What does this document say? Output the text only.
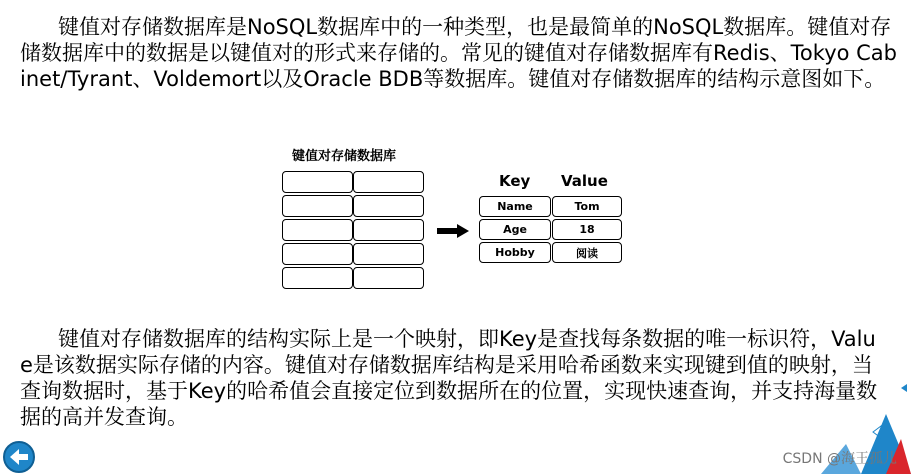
键值对存储数据库是NoSQL数据库中的一种类型，也是最简单的NoSQL数据库。键值对存储数据库中的数据是以键值对的形式来存储的。常见的键值对存储数据库有Redis、Tokyo Cabinet/Tyrant、Voldemort以及Oracle BDB等数据库。键值对存储数据库的结构示意图如下。

键值对存储数据库
Key Value
Name	Tom
Age	18
Hobby	阅读

键值对存储数据库的结构实际上是一个映射，即Key是查找每条数据的唯一标识符，Value是该数据实际存储的内容。键值对存储数据库结构是采用哈希函数来实现键到值的映射，当查询数据时，基于Key的哈希值会直接定位到数据所在的位置，实现快速查询，并支持海量数据的高并发查询。

CSDN @海王孤儿
